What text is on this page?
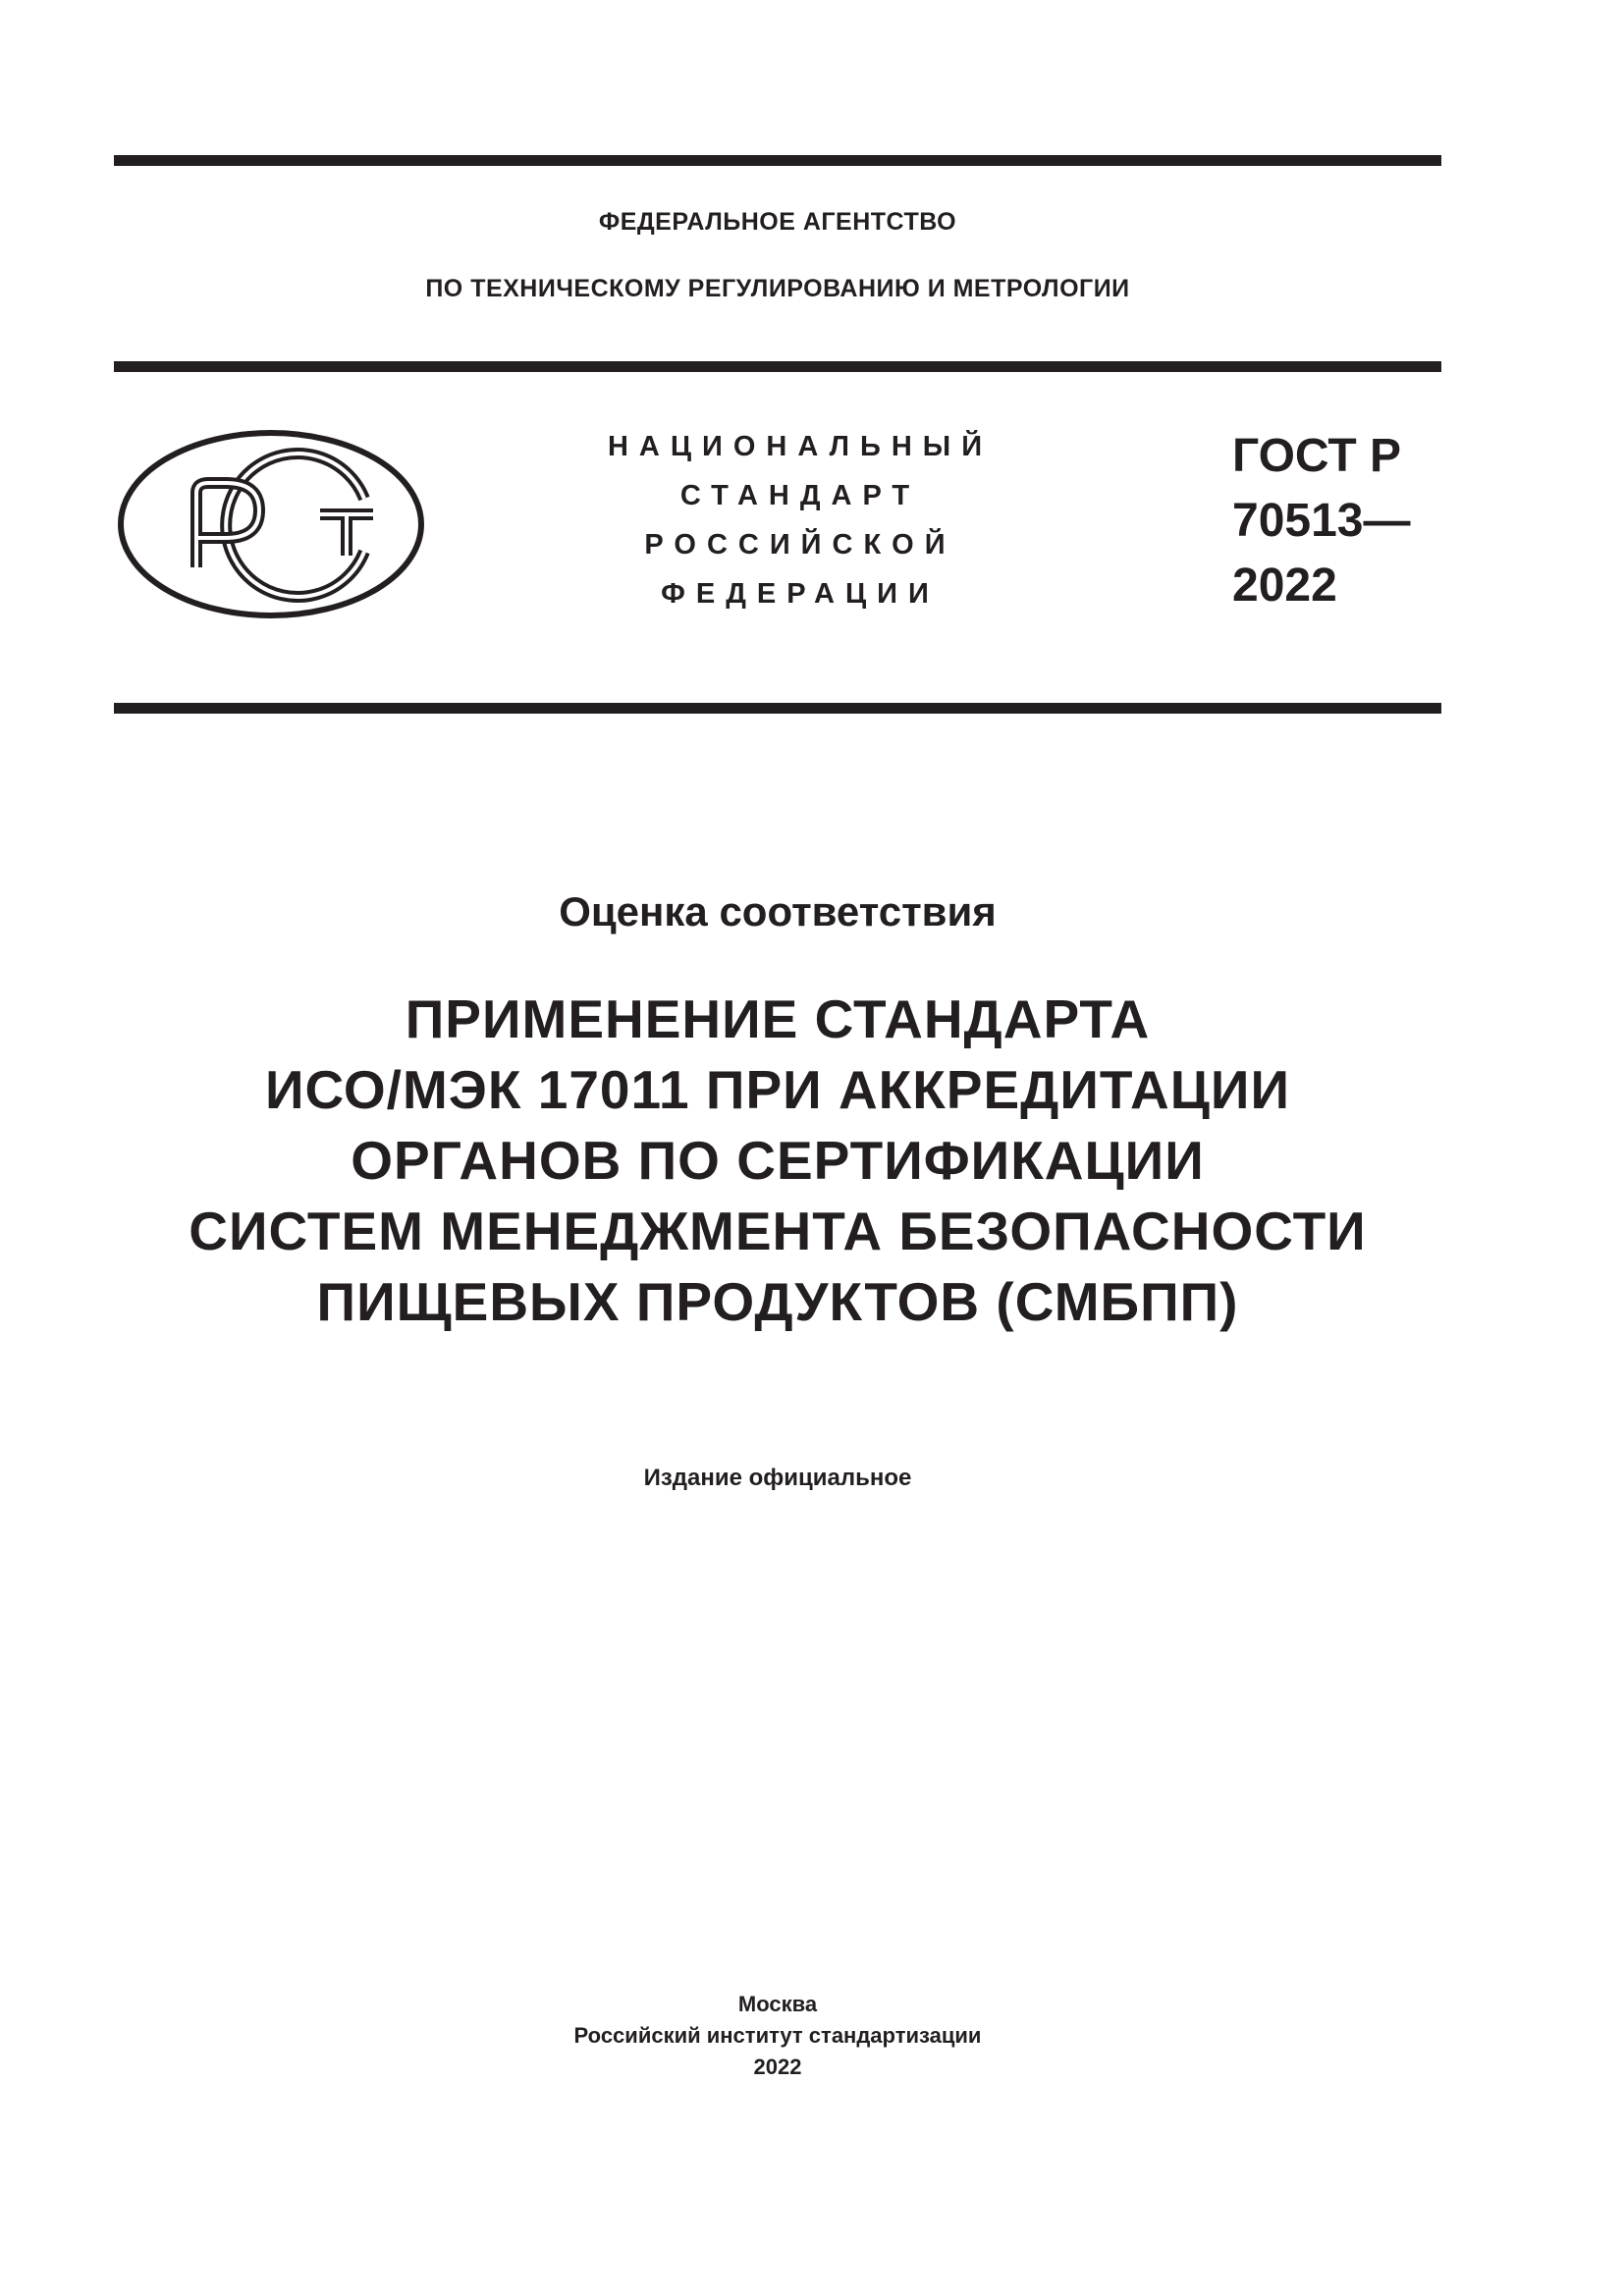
ФЕДЕРАЛЬНОЕ АГЕНТСТВО
ПО ТЕХНИЧЕСКОМУ РЕГУЛИРОВАНИЮ И МЕТРОЛОГИИ
НАЦИОНАЛЬНЫЙ
СТАНДАРТ
РОССИЙСКОЙ
ФЕДЕРАЦИИ
ГОСТ Р
70513—
2022
Оценка соответствия
ПРИМЕНЕНИЕ СТАНДАРТА
ИСО/МЭК 17011 ПРИ АККРЕДИТАЦИИ
ОРГАНОВ ПО СЕРТИФИКАЦИИ
СИСТЕМ МЕНЕДЖМЕНТА БЕЗОПАСНОСТИ
ПИЩЕВЫХ ПРОДУКТОВ (СМБПП)
Издание официальное
Москва
Российский институт стандартизации
2022
